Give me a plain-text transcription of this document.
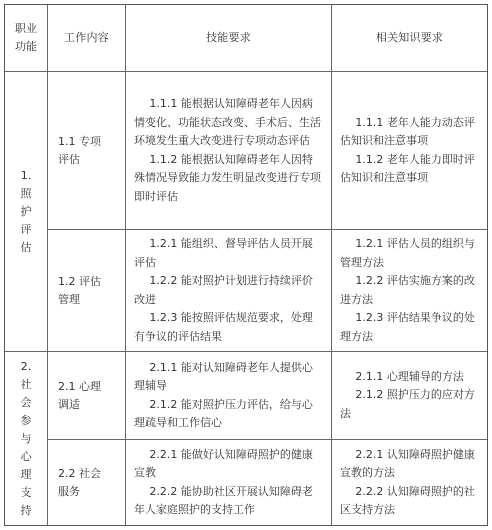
职业
功能
工作内容	技能要求	相关知识要求
1.
照
护
评
估
1.1 专项
评估

1.1.1 能根据认知障碍老年人因病情变化、功能状态改变、手术后、生活环境发生重大改变进行专项动态评估

1.1.2 能根据认知障碍老年人因特殊情况导致能力发生明显改变进行专项即时评估

1.1.1 老年人能力动态评估知识和注意事项

1.1.2 老年人能力即时评估知识和注意事项

1.2 评估
管理

1.2.1 能组织、督导评估人员开展评估

1.2.2 能对照护计划进行持续评价改进

1.2.3 能按照评估规范要求，处理有争议的评估结果

1.2.1 评估人员的组织与管理方法

1.2.2 评估实施方案的改进方法

1.2.3 评估结果争议的处理方法

2.
社
会
参
与
心
理
支
持
2.1 心理
调适

2.1.1 能对认知障碍老年人提供心理辅导

2.1.2 能对照护压力评估，给与心理疏导和工作信心

2.1.1 心理辅导的方法

2.1.2 照护压力的应对方法

2.2 社会
服务

2.2.1 能做好认知障碍照护的健康宣教

2.2.2 能协助社区开展认知障碍老年人家庭照护的支持工作

2.2.1 认知障碍照护健康宣教的方法

2.2.2 认知障碍照护的社区支持方法
